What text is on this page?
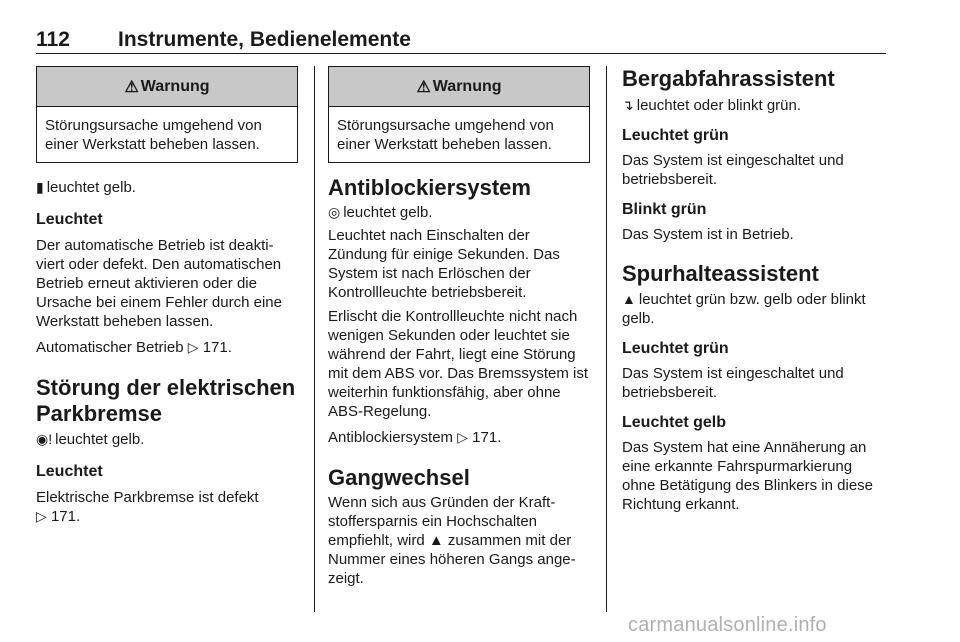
112 Instrumente, Bedienelemente
⚠ Warnung
Störungsursache umgehend von einer Werkstatt beheben lassen.

▮ leuchtet gelb.

Leuchtet

Der automatische Betrieb ist deakti- viert oder defekt. Den automatischen Betrieb erneut aktivieren oder die Ursache bei einem Fehler durch eine Werkstatt beheben lassen.

Automatischer Betrieb ▷ 171.

Störung der elektrischen Parkbremse

◉! leuchtet gelb.

Leuchtet

Elektrische Parkbremse ist defekt
▷ 171.

⚠ Warnung
Störungsursache umgehend von einer Werkstatt beheben lassen.
Antiblockiersystem

◎ leuchtet gelb.

Leuchtet nach Einschalten der Zündung für einige Sekunden. Das System ist nach Erlöschen der Kontrollleuchte betriebsbereit.

Erlischt die Kontrollleuchte nicht nach wenigen Sekunden oder leuchtet sie während der Fahrt, liegt eine Störung mit dem ABS vor. Das Bremssystem ist weiterhin funktionsfähig, aber ohne ABS-Regelung.

Antiblockiersystem ▷ 171.

Gangwechsel

Wenn sich aus Gründen der Kraft- stoffersparnis ein Hochschalten empfiehlt, wird ▲ zusammen mit der Nummer eines höheren Gangs ange- zeigt.

Bergabfahrassistent

↴ leuchtet oder blinkt grün.

Leuchtet grün

Das System ist eingeschaltet und betriebsbereit.

Blinkt grün

Das System ist in Betrieb.

Spurhalteassistent

▲ leuchtet grün bzw. gelb oder blinkt gelb.

Leuchtet grün

Das System ist eingeschaltet und betriebsbereit.

Leuchtet gelb

Das System hat eine Annäherung an eine erkannte Fahrspurmarkierung ohne Betätigung des Blinkers in diese Richtung erkannt.

carmanualsonline.info
